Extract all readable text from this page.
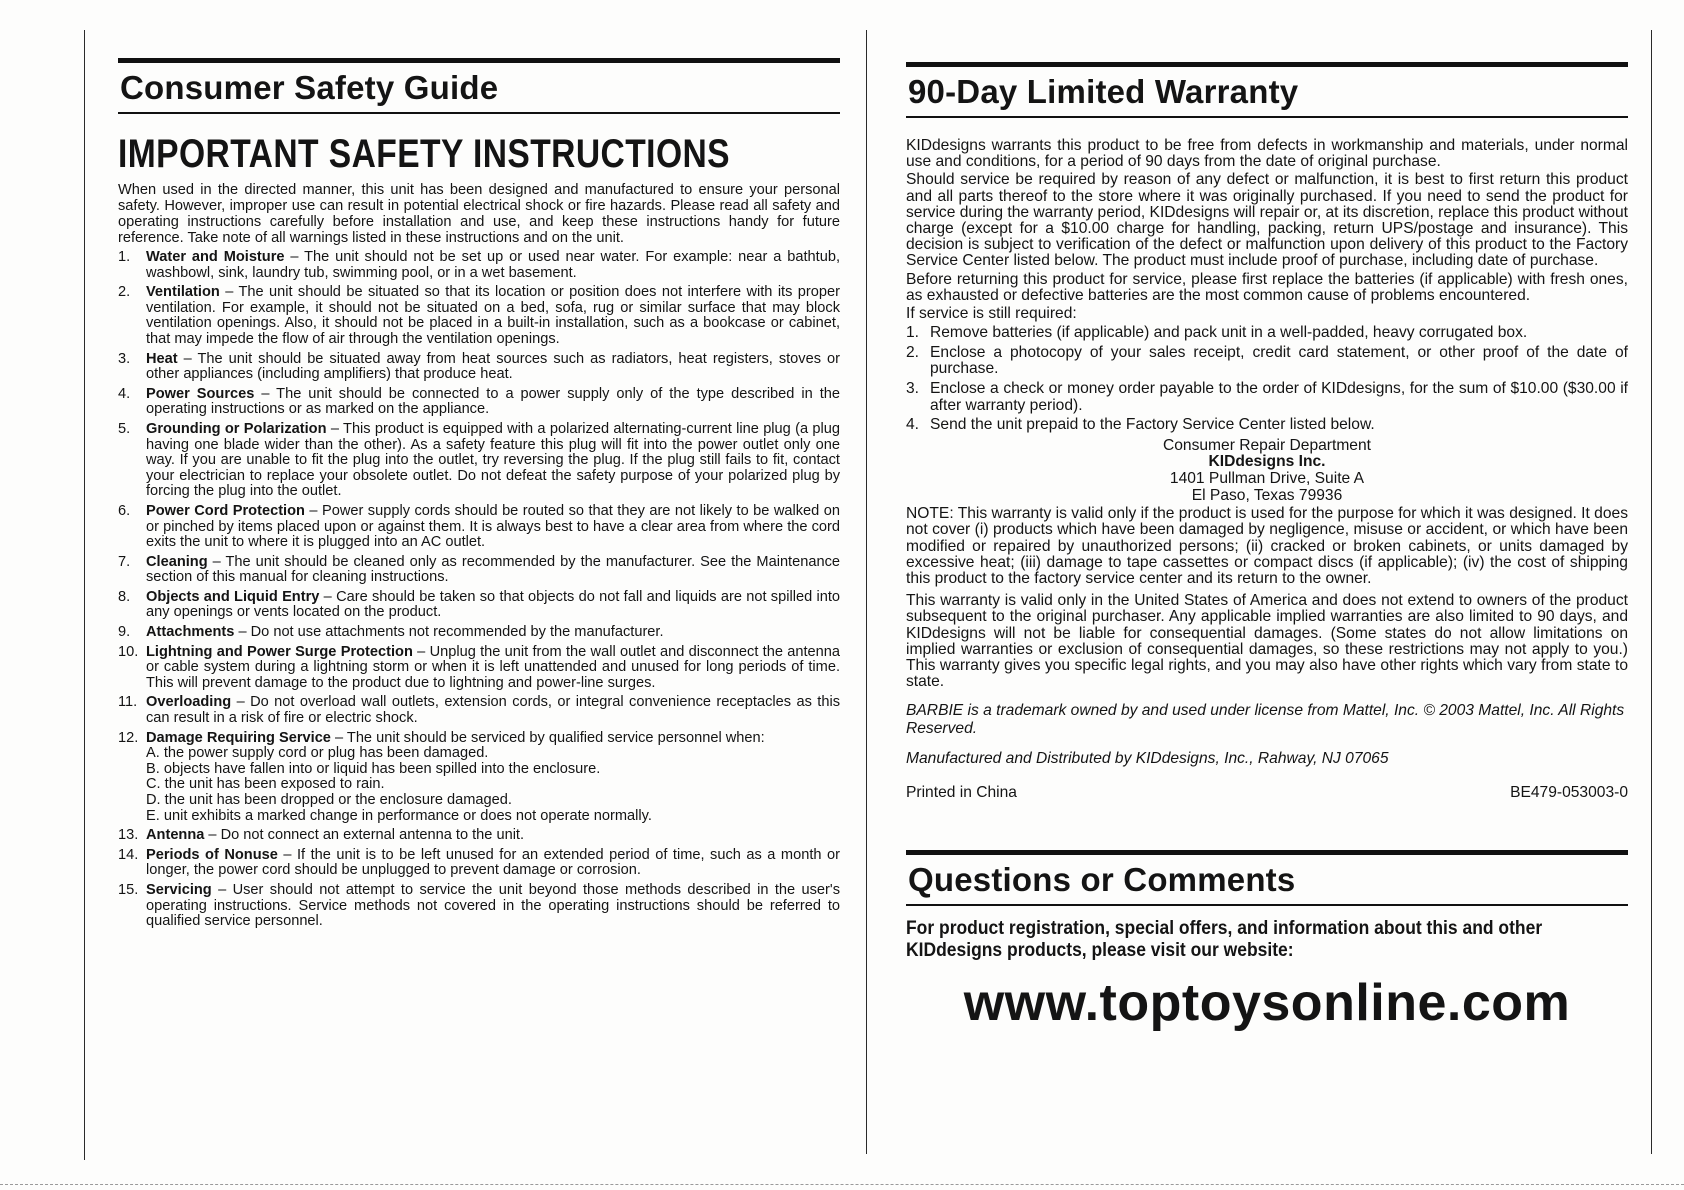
Consumer Safety Guide
IMPORTANT SAFETY INSTRUCTIONS

When used in the directed manner, this unit has been designed and manufactured to ensure your personal safety. However, improper use can result in potential electrical shock or fire hazards. Please read all safety and operating instructions carefully before installation and use, and keep these instructions handy for future reference. Take note of all warnings listed in these instructions and on the unit.

1. Water and Moisture – The unit should not be set up or used near water. For example: near a bathtub, washbowl, sink, laundry tub, swimming pool, or in a wet basement.
2. Ventilation – The unit should be situated so that its location or position does not interfere with its proper ventilation. For example, it should not be situated on a bed, sofa, rug or similar surface that may block ventilation openings. Also, it should not be placed in a built-in installation, such as a bookcase or cabinet, that may impede the flow of air through the ventilation openings.
3. Heat – The unit should be situated away from heat sources such as radiators, heat registers, stoves or other appliances (including amplifiers) that produce heat.
4. Power Sources – The unit should be connected to a power supply only of the type described in the operating instructions or as marked on the appliance.
5. Grounding or Polarization – This product is equipped with a polarized alternating-current line plug (a plug having one blade wider than the other). As a safety feature this plug will fit into the power outlet only one way. If you are unable to fit the plug into the outlet, try reversing the plug. If the plug still fails to fit, contact your electrician to replace your obsolete outlet. Do not defeat the safety purpose of your polarized plug by forcing the plug into the outlet.
6. Power Cord Protection – Power supply cords should be routed so that they are not likely to be walked on or pinched by items placed upon or against them. It is always best to have a clear area from where the cord exits the unit to where it is plugged into an AC outlet.
7. Cleaning – The unit should be cleaned only as recommended by the manufacturer. See the Maintenance section of this manual for cleaning instructions.
8. Objects and Liquid Entry – Care should be taken so that objects do not fall and liquids are not spilled into any openings or vents located on the product.
9. Attachments – Do not use attachments not recommended by the manufacturer.
10. Lightning and Power Surge Protection – Unplug the unit from the wall outlet and disconnect the antenna or cable system during a lightning storm or when it is left unattended and unused for long periods of time. This will prevent damage to the product due to lightning and power-line surges.
11. Overloading – Do not overload wall outlets, extension cords, or integral convenience receptacles as this can result in a risk of fire or electric shock.
12. Damage Requiring Service – The unit should be serviced by qualified service personnel when:
A. the power supply cord or plug has been damaged.
B. objects have fallen into or liquid has been spilled into the enclosure.
C. the unit has been exposed to rain.
D. the unit has been dropped or the enclosure damaged.
E. unit exhibits a marked change in performance or does not operate normally.
13. Antenna – Do not connect an external antenna to the unit.
14. Periods of Nonuse – If the unit is to be left unused for an extended period of time, such as a month or longer, the power cord should be unplugged to prevent damage or corrosion.
15. Servicing – User should not attempt to service the unit beyond those methods described in the user's operating instructions. Service methods not covered in the operating instructions should be referred to qualified service personnel.
90-Day Limited Warranty

KIDdesigns warrants this product to be free from defects in workmanship and materials, under normal use and conditions, for a period of 90 days from the date of original purchase.

Should service be required by reason of any defect or malfunction, it is best to first return this product and all parts thereof to the store where it was originally purchased. If you need to send the product for service during the warranty period, KIDdesigns will repair or, at its discretion, replace this product without charge (except for a $10.00 charge for handling, packing, return UPS/postage and insurance). This decision is subject to verification of the defect or malfunction upon delivery of this product to the Factory Service Center listed below. The product must include proof of purchase, including date of purchase.

Before returning this product for service, please first replace the batteries (if applicable) with fresh ones, as exhausted or defective batteries are the most common cause of problems encountered.

If service is still required:

1. Remove batteries (if applicable) and pack unit in a well-padded, heavy corrugated box.
2. Enclose a photocopy of your sales receipt, credit card statement, or other proof of the date of purchase.
3. Enclose a check or money order payable to the order of KIDdesigns, for the sum of $10.00 ($30.00 if after warranty period).
4. Send the unit prepaid to the Factory Service Center listed below.
Consumer Repair Department
KIDdesigns Inc.
1401 Pullman Drive, Suite A
El Paso, Texas 79936

NOTE: This warranty is valid only if the product is used for the purpose for which it was designed. It does not cover (i) products which have been damaged by negligence, misuse or accident, or which have been modified or repaired by unauthorized persons; (ii) cracked or broken cabinets, or units damaged by excessive heat; (iii) damage to tape cassettes or compact discs (if applicable); (iv) the cost of shipping this product to the factory service center and its return to the owner.

This warranty is valid only in the United States of America and does not extend to owners of the product subsequent to the original purchaser. Any applicable implied warranties are also limited to 90 days, and KIDdesigns will not be liable for consequential damages. (Some states do not allow limitations on implied warranties or exclusion of consequential damages, so these restrictions may not apply to you.) This warranty gives you specific legal rights, and you may also have other rights which vary from state to state.

BARBIE is a trademark owned by and used under license from Mattel, Inc. © 2003 Mattel, Inc. All Rights Reserved.
Manufactured and Distributed by KIDdesigns, Inc., Rahway, NJ 07065
Printed in China	BE479-053003-0
Questions or Comments
For product registration, special offers, and information about this and other KIDdesigns products, please visit our website:
www.toptoysonline.com
